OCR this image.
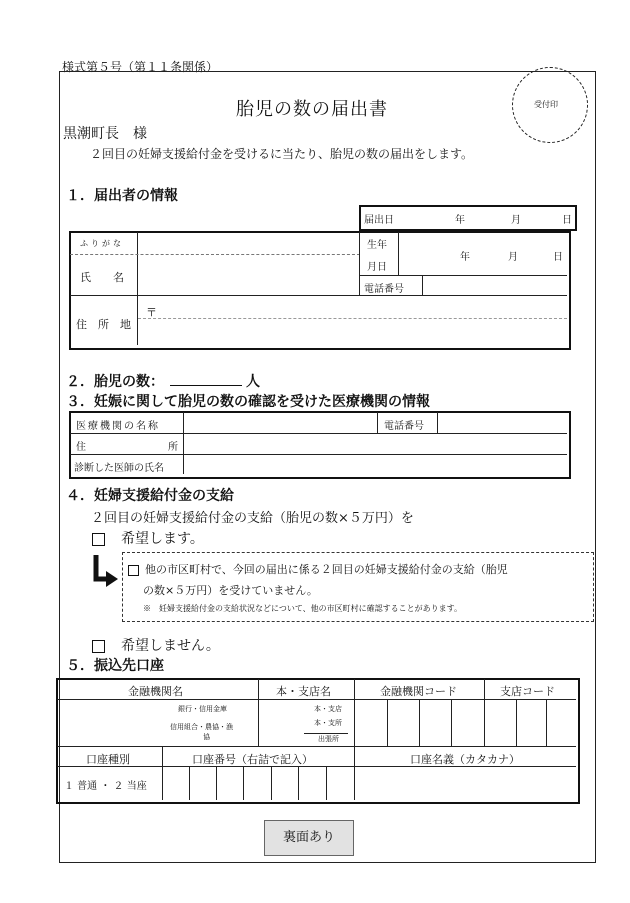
様式第５号（第１１条関係）
胎児の数の届出書	受付印
黒潮町長　様
２回目の妊婦支援給付金を受けるに当たり、胎児の数の届出をします。
１．届出者の情報
届出日	年	月	日
ふりがな
氏　　名
生年
月日
年	月	日
電話番号
住　所　地
〒
２．胎児の数：	人
３．妊娠に関して胎児の数の確認を受けた医療機関の情報
医療機関の名称	電話番号
住	所
診断した医師の氏名
４．妊婦支援給付金の支給
２回目の妊婦支援給付金の支給（胎児の数×５万円）を
希望します。
他の市区町村で、今回の届出に係る２回目の妊婦支援給付金の支給（胎児
の数×５万円）を受けていません。
※　妊婦支援給付金の支給状況などについて、他の市区町村に確認することがあります。
希望しません。
５．振込先口座
金融機関名	本・支店名	金融機関コード	支店コード
銀行・信用金庫
信用組合・農協・漁
協
本・支店
本・支所
出張所
口座種別	口座番号（右詰で記入）	口座名義（カタカナ）
１ 普通 ・ ２ 当座
裏面あり
